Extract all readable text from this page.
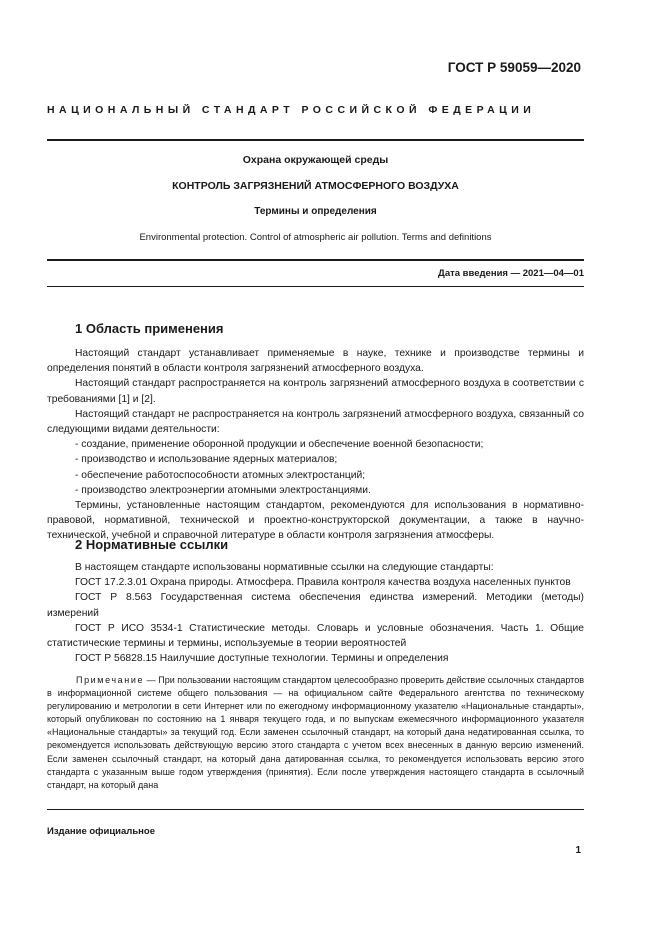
ГОСТ Р 59059—2020
НАЦИОНАЛЬНЫЙ СТАНДАРТ РОССИЙСКОЙ ФЕДЕРАЦИИ
Охрана окружающей среды
КОНТРОЛЬ ЗАГРЯЗНЕНИЙ АТМОСФЕРНОГО ВОЗДУХА
Термины и определения
Environmental protection. Control of atmospheric air pollution. Terms and definitions
Дата введения — 2021—04—01
1 Область применения

Настоящий стандарт устанавливает применяемые в науке, технике и производстве термины и определения понятий в области контроля загрязнений атмосферного воздуха.

Настоящий стандарт распространяется на контроль загрязнений атмосферного воздуха в соответствии с требованиями [1] и [2].

Настоящий стандарт не распространяется на контроль загрязнений атмосферного воздуха, связанный со следующими видами деятельности:

- создание, применение оборонной продукции и обеспечение военной безопасности;

- производство и использование ядерных материалов;

- обеспечение работоспособности атомных электростанций;

- производство электроэнергии атомными электростанциями.

Термины, установленные настоящим стандартом, рекомендуются для использования в нормативно-правовой, нормативной, технической и проектно-конструкторской документации, а также в научно-технической, учебной и справочной литературе в области контроля загрязнения атмосферы.

2 Нормативные ссылки

В настоящем стандарте использованы нормативные ссылки на следующие стандарты:

ГОСТ 17.2.3.01 Охрана природы. Атмосфера. Правила контроля качества воздуха населенных пунктов

ГОСТ Р 8.563 Государственная система обеспечения единства измерений. Методики (методы) измерений

ГОСТ Р ИСО 3534-1 Статистические методы. Словарь и условные обозначения. Часть 1. Общие статистические термины и термины, используемые в теории вероятностей

ГОСТ Р 56828.15 Наилучшие доступные технологии. Термины и определения

Примечание — При пользовании настоящим стандартом целесообразно проверить действие ссылочных стандартов в информационной системе общего пользования — на официальном сайте Федерального агентства по техническому регулированию и метрологии в сети Интернет или по ежегодному информационному указателю «Национальные стандарты», который опубликован по состоянию на 1 января текущего года, и по выпускам ежемесячного информационного указателя «Национальные стандарты» за текущий год. Если заменен ссылочный стандарт, на который дана недатированная ссылка, то рекомендуется использовать действующую версию этого стандарта с учетом всех внесенных в данную версию изменений. Если заменен ссылочный стандарт, на который дана датированная ссылка, то рекомендуется использовать версию этого стандарта с указанным выше годом утверждения (принятия). Если после утверждения настоящего стандарта в ссылочный стандарт, на который дана

Издание официальное
1
